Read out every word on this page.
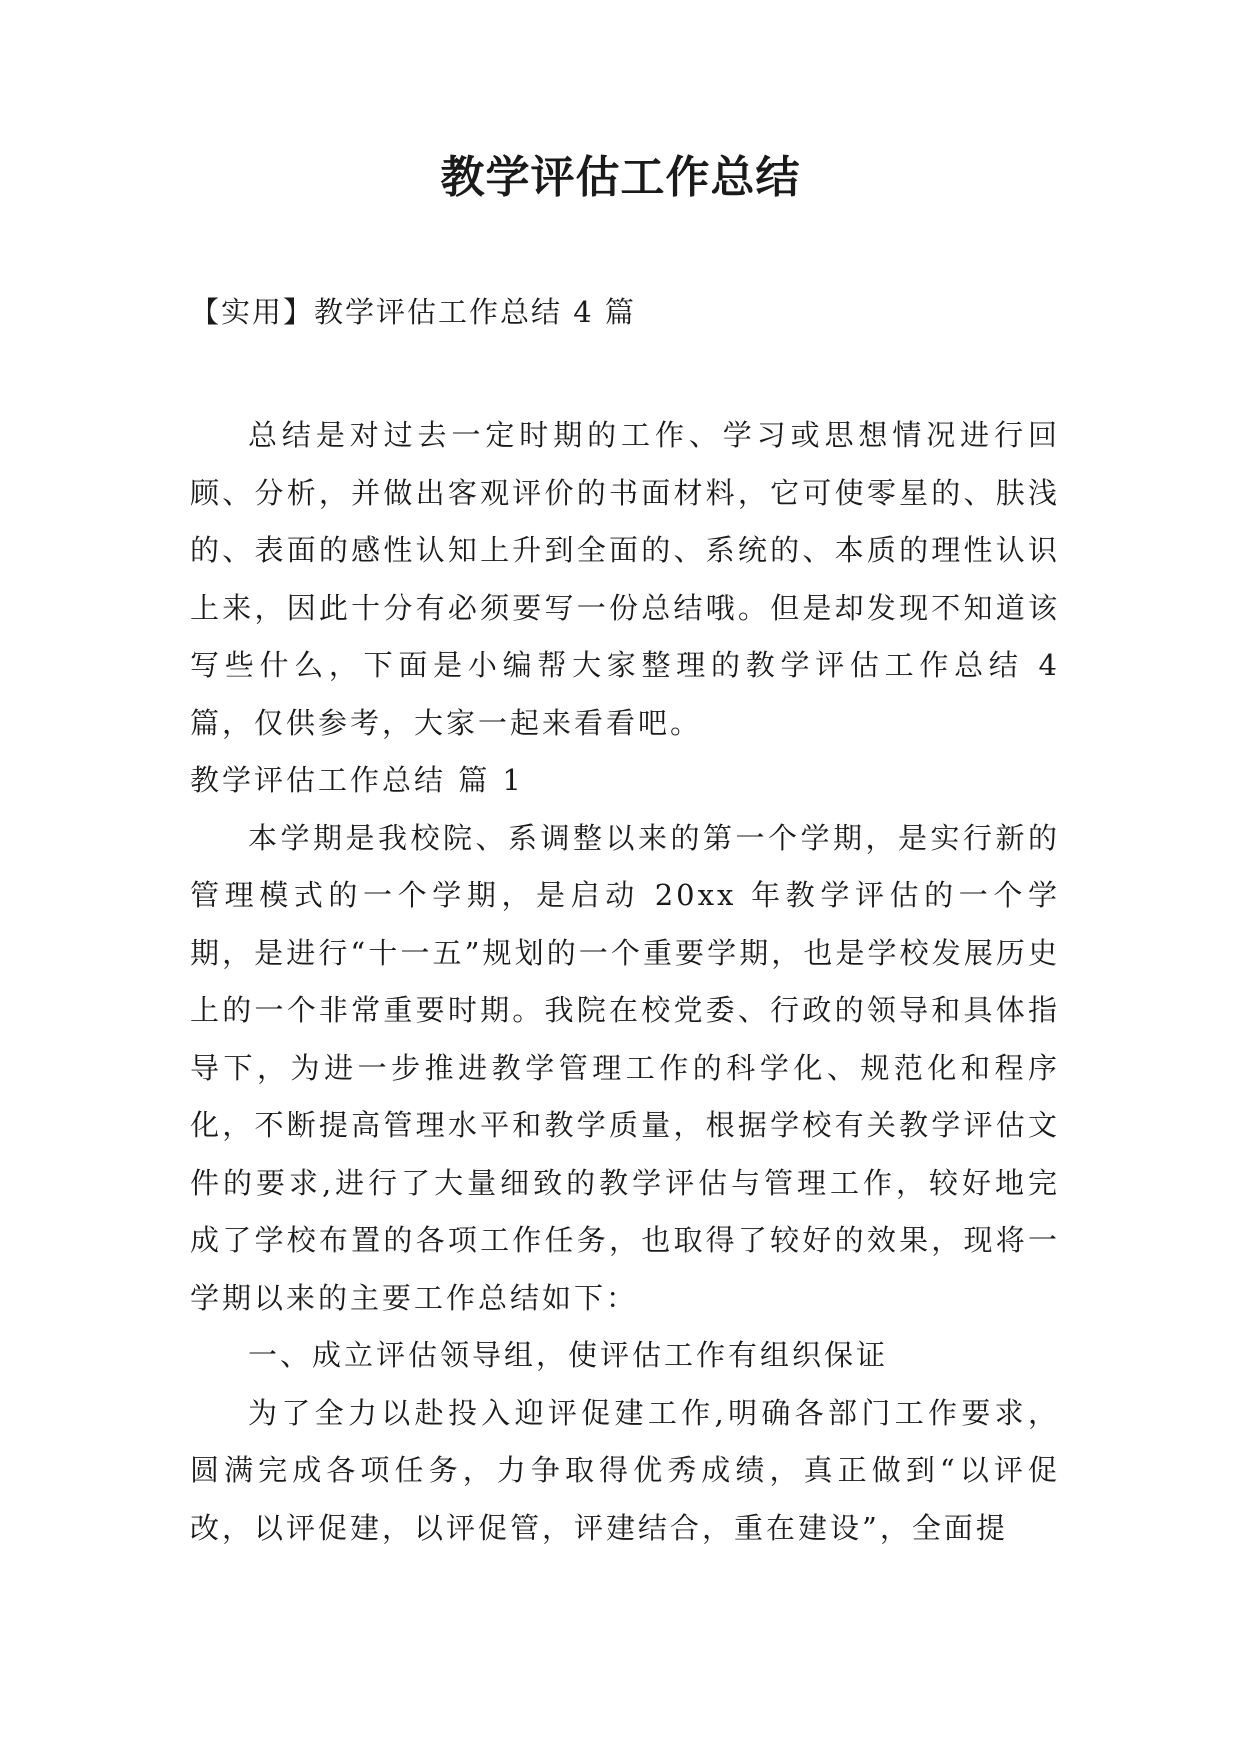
教学评估工作总结

【实用】教学评估工作总结 4 篇

总结是对过去一定时期的工作、学习或思想情况进行回顾、分析，并做出客观评价的书面材料，它可使零星的、肤浅的、表面的感性认知上升到全面的、系统的、本质的理性认识上来，因此十分有必须要写一份总结哦。但是却发现不知道该写些什么，下面是小编帮大家整理的教学评估工作总结 4 篇，仅供参考，大家一起来看看吧。

教学评估工作总结 篇 1

本学期是我校院、系调整以来的第一个学期，是实行新的管理模式的一个学期，是启动 20xx 年教学评估的一个学期，是进行“十一五”规划的一个重要学期，也是学校发展历史上的一个非常重要时期。我院在校党委、行政的领导和具体指导下，为进一步推进教学管理工作的科学化、规范化和程序化，不断提高管理水平和教学质量，根据学校有关教学评估文件的要求,进行了大量细致的教学评估与管理工作，较好地完成了学校布置的各项工作任务，也取得了较好的效果，现将一学期以来的主要工作总结如下：

一、成立评估领导组，使评估工作有组织保证

为了全力以赴投入迎评促建工作,明确各部门工作要求，圆满完成各项任务，力争取得优秀成绩，真正做到“以评促改，以评促建，以评促管，评建结合，重在建设”，全面提
